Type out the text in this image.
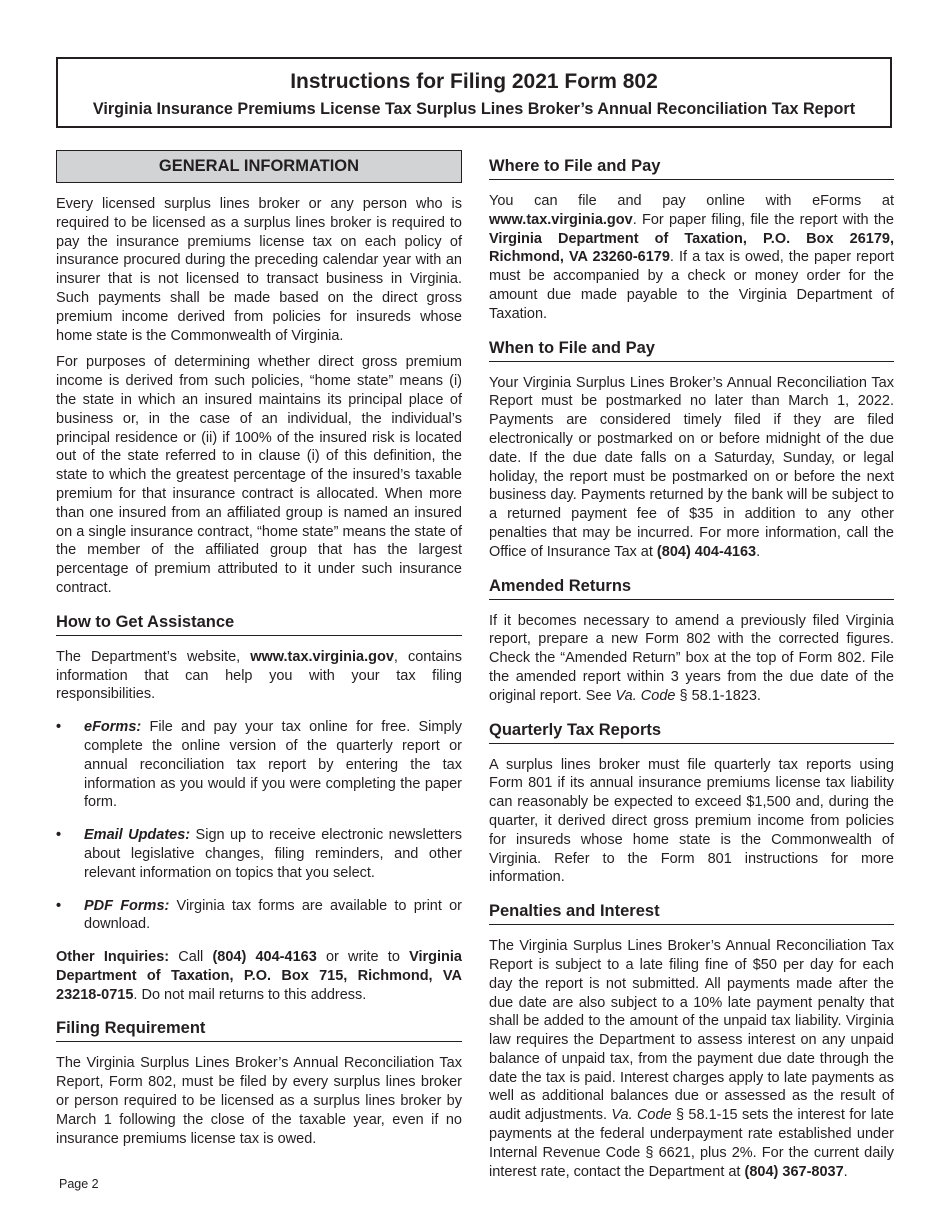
Instructions for Filing 2021 Form 802
Virginia Insurance Premiums License Tax Surplus Lines Broker’s Annual Reconciliation Tax Report
GENERAL INFORMATION

Every licensed surplus lines broker or any person who is required to be licensed as a surplus lines broker is required to pay the insurance premiums license tax on each policy of insurance procured during the preceding calendar year with an insurer that is not licensed to transact business in Virginia. Such payments shall be made based on the direct gross premium income derived from policies for insureds whose home state is the Commonwealth of Virginia.

For purposes of determining whether direct gross premium income is derived from such policies, “home state” means (i) the state in which an insured maintains its principal place of business or, in the case of an individual, the individual’s principal residence or (ii) if 100% of the insured risk is located out of the state referred to in clause (i) of this definition, the state to which the greatest percentage of the insured’s taxable premium for that insurance contract is allocated. When more than one insured from an affiliated group is named an insured on a single insurance contract, “home state” means the state of the member of the affiliated group that has the largest percentage of premium attributed to it under such insurance contract.

How to Get Assistance

The Department’s website, www.tax.virginia.gov, contains information that can help you with your tax filing responsibilities.

• eForms: File and pay your tax online for free. Simply complete the online version of the quarterly report or annual reconciliation tax report by entering the tax information as you would if you were completing the paper form.
• Email Updates: Sign up to receive electronic newsletters about legislative changes, filing reminders, and other relevant information on topics that you select.
• PDF Forms: Virginia tax forms are available to print or download.

Other Inquiries: Call (804) 404-4163 or write to Virginia Department of Taxation, P.O. Box 715, Richmond, VA 23218-0715. Do not mail returns to this address.

Filing Requirement

The Virginia Surplus Lines Broker’s Annual Reconciliation Tax Report, Form 802, must be filed by every surplus lines broker or person required to be licensed as a surplus lines broker by March 1 following the close of the taxable year, even if no insurance premiums license tax is owed.

Where to File and Pay

You can file and pay online with eForms at www.tax.virginia.gov. For paper filing, file the report with the Virginia Department of Taxation, P.O. Box 26179, Richmond, VA 23260-6179. If a tax is owed, the paper report must be accompanied by a check or money order for the amount due made payable to the Virginia Department of Taxation.

When to File and Pay

Your Virginia Surplus Lines Broker’s Annual Reconciliation Tax Report must be postmarked no later than March 1, 2022. Payments are considered timely filed if they are filed electronically or postmarked on or before midnight of the due date. If the due date falls on a Saturday, Sunday, or legal holiday, the report must be postmarked on or before the next business day. Payments returned by the bank will be subject to a returned payment fee of $35 in addition to any other penalties that may be incurred. For more information, call the Office of Insurance Tax at (804) 404-4163.

Amended Returns

If it becomes necessary to amend a previously filed Virginia report, prepare a new Form 802 with the corrected figures. Check the “Amended Return” box at the top of Form 802. File the amended report within 3 years from the due date of the original report. See Va. Code § 58.1-1823.

Quarterly Tax Reports

A surplus lines broker must file quarterly tax reports using Form 801 if its annual insurance premiums license tax liability can reasonably be expected to exceed $1,500 and, during the quarter, it derived direct gross premium income from policies for insureds whose home state is the Commonwealth of Virginia. Refer to the Form 801 instructions for more information.

Penalties and Interest

The Virginia Surplus Lines Broker’s Annual Reconciliation Tax Report is subject to a late filing fine of $50 per day for each day the report is not submitted. All payments made after the due date are also subject to a 10% late payment penalty that shall be added to the amount of the unpaid tax liability. Virginia law requires the Department to assess interest on any unpaid balance of unpaid tax, from the payment due date through the date the tax is paid. Interest charges apply to late payments as well as additional balances due or assessed as the result of audit adjustments. Va. Code § 58.1-15 sets the interest for late payments at the federal underpayment rate established under Internal Revenue Code § 6621, plus 2%. For the current daily interest rate, contact the Department at (804) 367-8037.

Page 2
